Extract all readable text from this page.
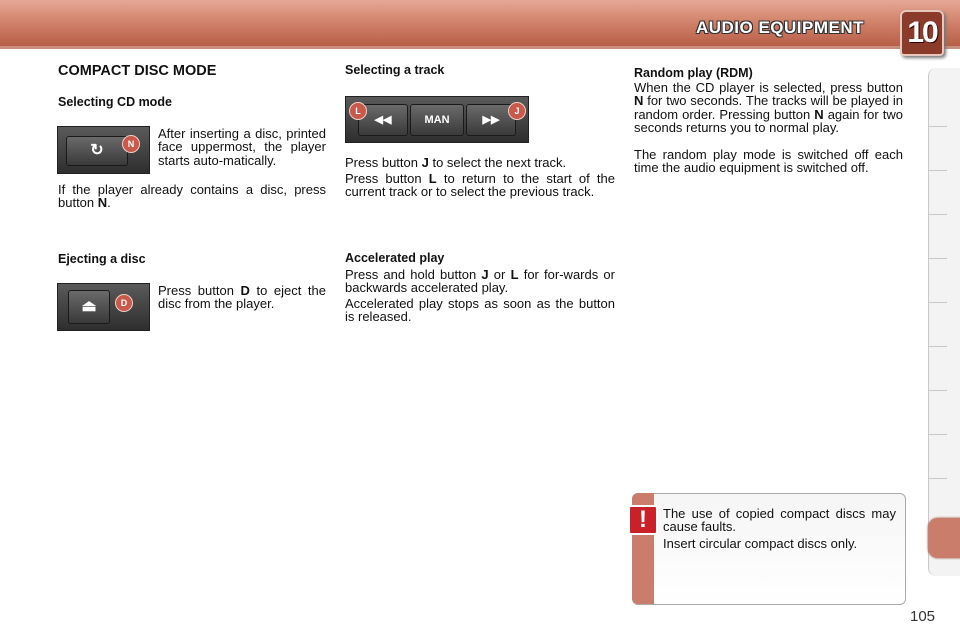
AUDIO EQUIPMENT 10
COMPACT DISC MODE
Selecting CD mode
↻	N
After inserting a disc, printed face uppermost, the player starts auto-matically.
If the player already contains a disc, press button N.
Ejecting a disc
⏏	D
Press button D to eject the disc from the player.
Selecting a track
◀◀	MAN	▶▶
L	J
Press button J to select the next track.
Press button L to return to the start of the current track or to select the previous track.
Accelerated play
Press and hold button J or L for for-wards or backwards accelerated play.
Accelerated play stops as soon as the button is released.
Random play (RDM)
When the CD player is selected, press button N for two seconds. The tracks will be played in random order. Pressing button N again for two seconds returns you to normal play.
The random play mode is switched off each time the audio equipment is switched off.
!	The use of copied compact discs may cause faults.
Insert circular compact discs only.
105
